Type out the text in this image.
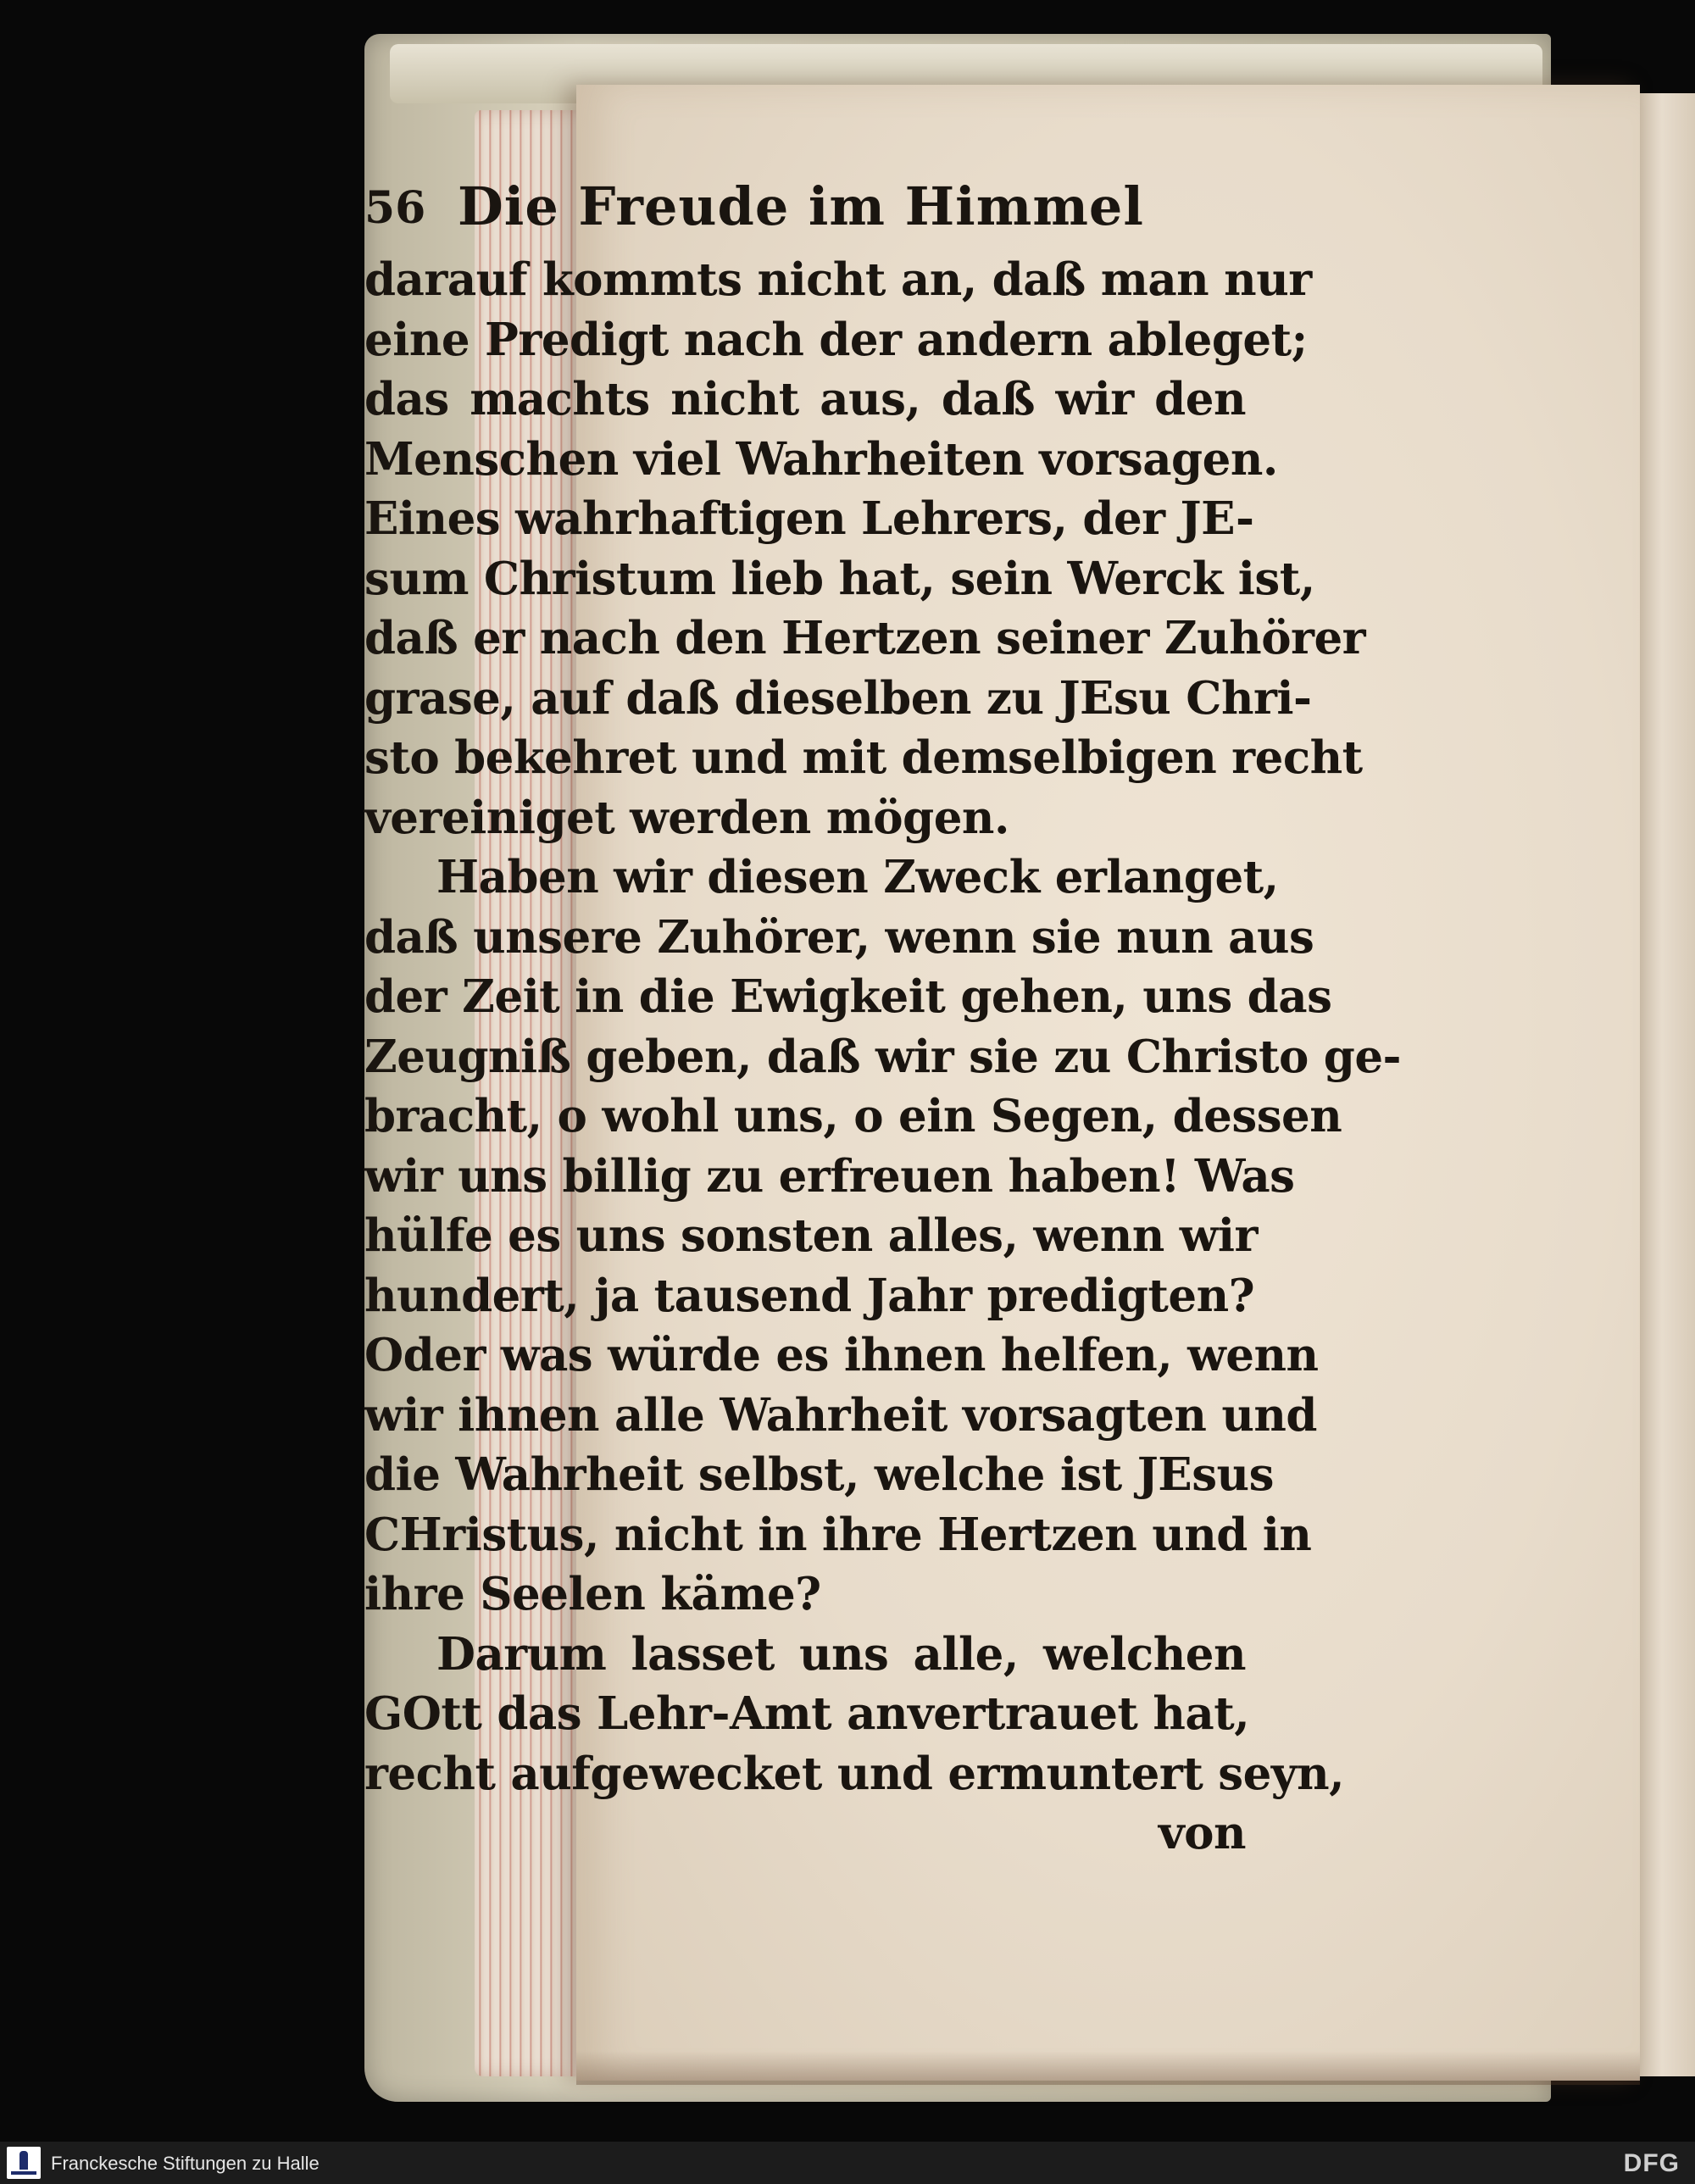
56 Die Freude im Himmel
darauf kommts nicht an, daß man nur
eine Predigt nach der andern ableget;
das machts nicht aus, daß wir den
Menschen viel Wahrheiten vorsagen.
Eines wahrhaftigen Lehrers, der JE-
sum Christum lieb hat, sein Werck ist,
daß er nach den Hertzen seiner Zuhörer
grase, auf daß dieselben zu JEsu Chri-
sto bekehret und mit demselbigen recht
vereiniget werden mögen.
Haben wir diesen Zweck erlanget,
daß unsere Zuhörer, wenn sie nun aus
der Zeit in die Ewigkeit gehen, uns das
Zeugniß geben, daß wir sie zu Christo ge-
bracht, o wohl uns, o ein Segen, dessen
wir uns billig zu erfreuen haben! Was
hülfe es uns sonsten alles, wenn wir
hundert, ja tausend Jahr predigten?
Oder was würde es ihnen helfen, wenn
wir ihnen alle Wahrheit vorsagten und
die Wahrheit selbst, welche ist JEsus
CHristus, nicht in ihre Hertzen und in
ihre Seelen käme?
Darum lasset uns alle, welchen
GOtt das Lehr-Amt anvertrauet hat,
recht aufgewecket und ermuntert seyn,
von
Franckesche Stiftungen zu Halle	DFG
